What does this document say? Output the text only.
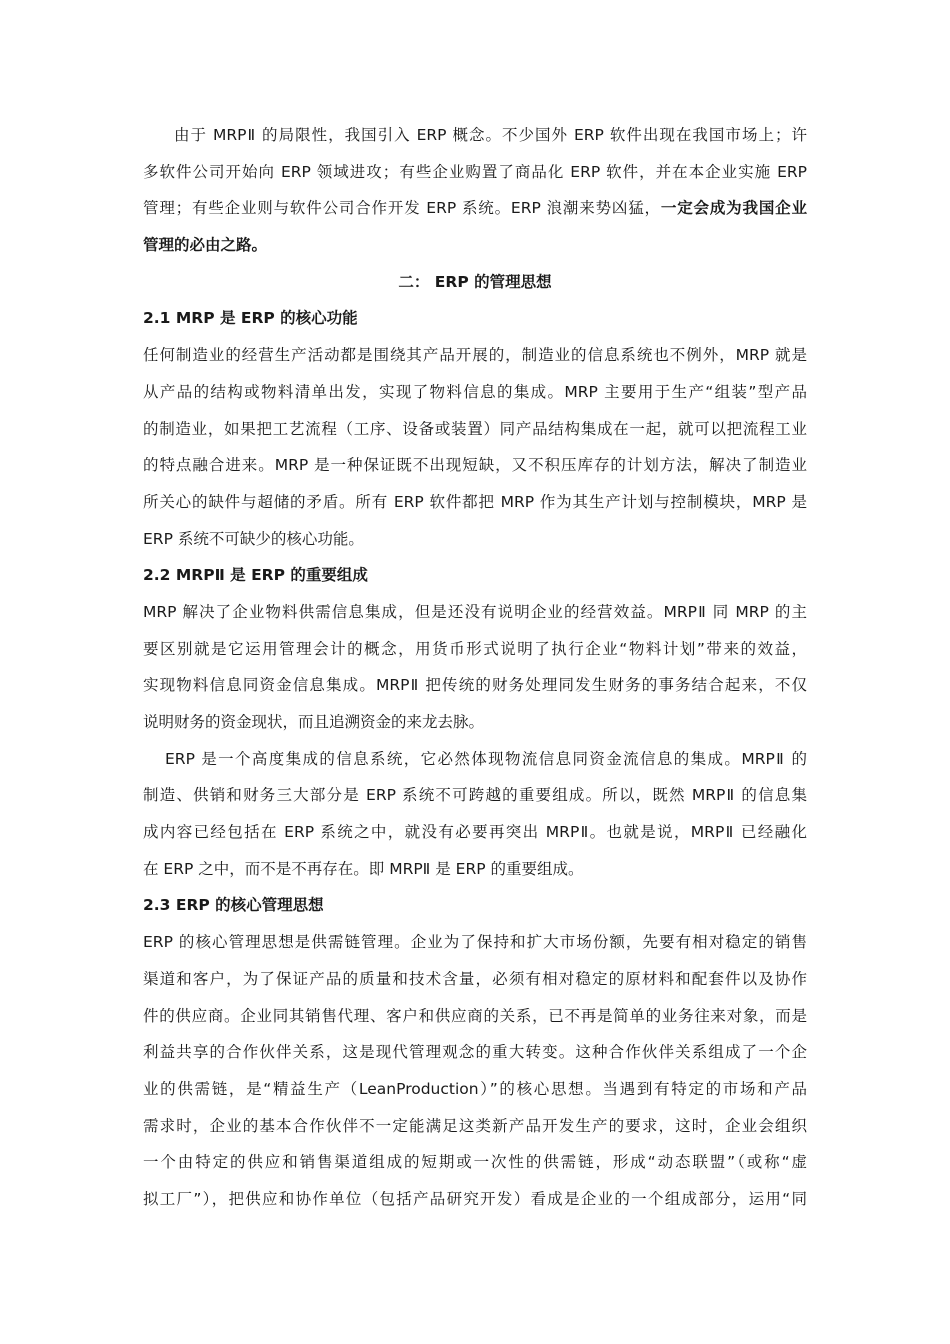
由于 MRPⅡ 的局限性，我国引入 ERP 概念。不少国外 ERP 软件出现在我国市场上；许
多软件公司开始向 ERP 领域进攻；有些企业购置了商品化 ERP 软件，并在本企业实施 ERP
管理；有些企业则与软件公司合作开发 ERP 系统。ERP 浪潮来势凶猛，一定会成为我国企业
管理的必由之路。
二： ERP 的管理思想
2.1 MRP 是 ERP 的核心功能
任何制造业的经营生产活动都是围绕其产品开展的，制造业的信息系统也不例外，MRP 就是
从产品的结构或物料清单出发，实现了物料信息的集成。MRP 主要用于生产“组装”型产品
的制造业，如果把工艺流程（工序、设备或装置）同产品结构集成在一起，就可以把流程工业
的特点融合进来。MRP 是一种保证既不出现短缺，又不积压库存的计划方法，解决了制造业
所关心的缺件与超储的矛盾。所有 ERP 软件都把 MRP 作为其生产计划与控制模块，MRP 是
ERP 系统不可缺少的核心功能。
2.2 MRPⅡ 是 ERP 的重要组成
MRP 解决了企业物料供需信息集成，但是还没有说明企业的经营效益。MRPⅡ 同 MRP 的主
要区别就是它运用管理会计的概念，用货币形式说明了执行企业“物料计划”带来的效益，
实现物料信息同资金信息集成。MRPⅡ 把传统的财务处理同发生财务的事务结合起来，不仅
说明财务的资金现状，而且追溯资金的来龙去脉。
ERP 是一个高度集成的信息系统，它必然体现物流信息同资金流信息的集成。MRPⅡ 的
制造、供销和财务三大部分是 ERP 系统不可跨越的重要组成。所以，既然 MRPⅡ 的信息集
成内容已经包括在 ERP 系统之中，就没有必要再突出 MRPⅡ。也就是说，MRPⅡ 已经融化
在 ERP 之中，而不是不再存在。即 MRPⅡ 是 ERP 的重要组成。
2.3 ERP 的核心管理思想
ERP 的核心管理思想是供需链管理。企业为了保持和扩大市场份额，先要有相对稳定的销售
渠道和客户，为了保证产品的质量和技术含量，必须有相对稳定的原材料和配套件以及协作
件的供应商。企业同其销售代理、客户和供应商的关系，已不再是简单的业务往来对象，而是
利益共享的合作伙伴关系，这是现代管理观念的重大转变。这种合作伙伴关系组成了一个企
业的供需链，是“精益生产（LeanProduction）”的核心思想。当遇到有特定的市场和产品
需求时，企业的基本合作伙伴不一定能满足这类新产品开发生产的要求，这时，企业会组织
一个由特定的供应和销售渠道组成的短期或一次性的供需链，形成“动态联盟”（或称“虚
拟工厂”），把供应和协作单位（包括产品研究开发）看成是企业的一个组成部分，运用“同
